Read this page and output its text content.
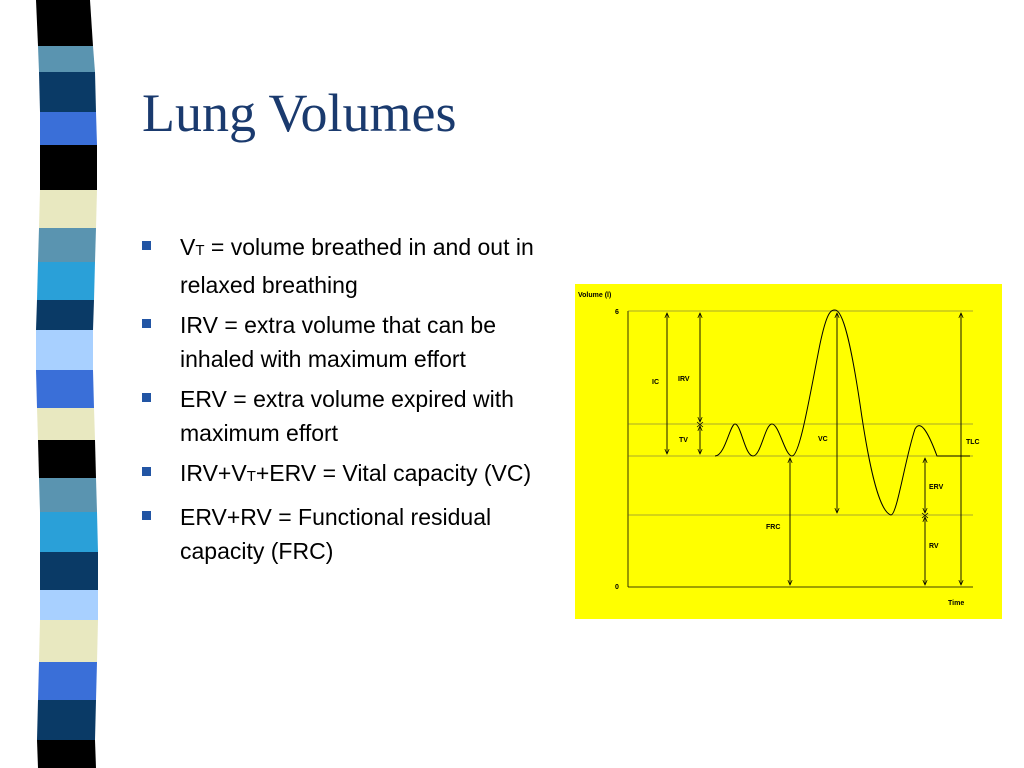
Lung Volumes
VT = volume breathed in and out in relaxed breathing
IRV = extra volume that can be inhaled with maximum effort
ERV = extra volume expired with maximum effort
IRV+VT+ERV = Vital capacity (VC)
ERV+RV = Functional residual capacity (FRC)
Volume (l)
6
0
Time
IC	IRV
TV	VC	TLC
ERV
FRC
RV
